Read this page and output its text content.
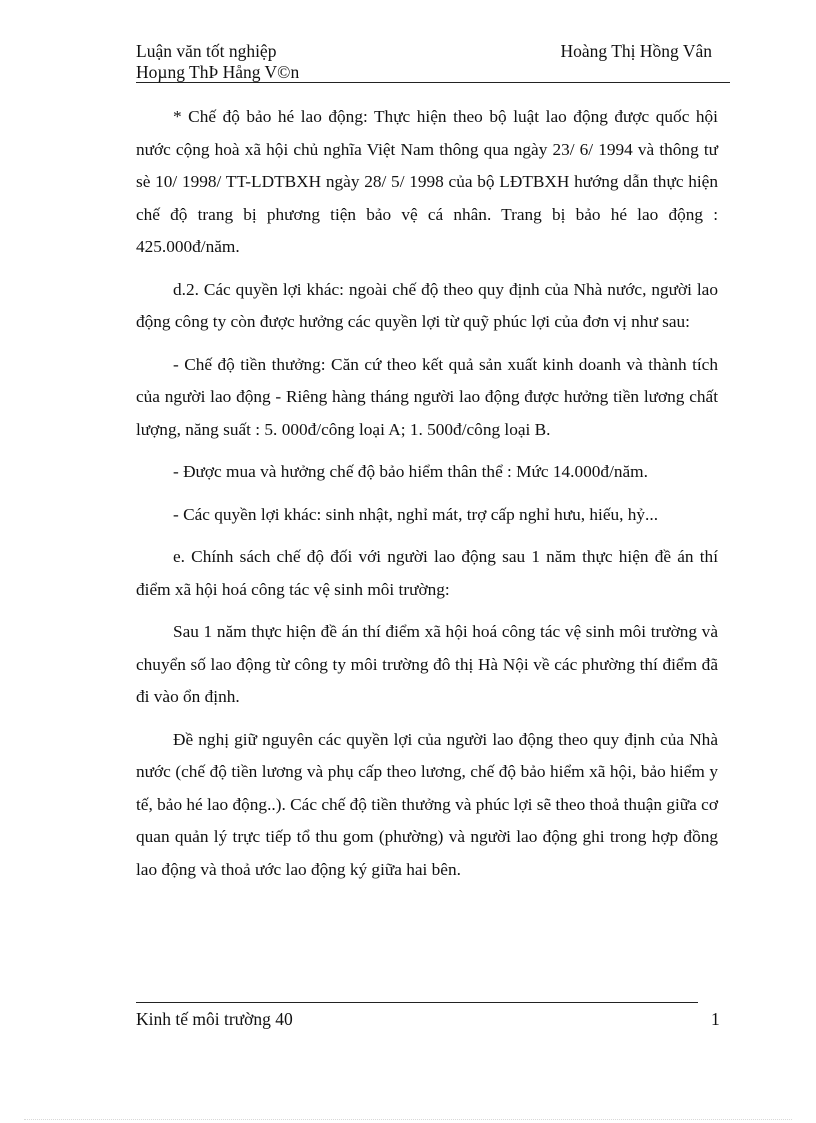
Luận văn tốt nghiệp	Hoàng Thị Hồng Vân
Hoµng ThÞ Hång V©n

* Chế độ bảo hé lao động: Thực hiện theo bộ luật lao động được quốc hội nước cộng hoà xã hội chủ nghĩa Việt Nam thông qua ngày 23/ 6/ 1994 và thông tư sè 10/ 1998/ TT-LDTBXH ngày 28/ 5/ 1998 của bộ LĐTBXH hướng dẫn thực hiện chế độ trang bị phương tiện bảo vệ cá nhân. Trang bị bảo hé lao động : 425.000đ/năm.

d.2. Các quyền lợi khác: ngoài chế độ theo quy định của Nhà nước, người lao động công ty còn được hưởng các quyền lợi từ quỹ phúc lợi của đơn vị như sau:

- Chế độ tiền thưởng: Căn cứ theo kết quả sản xuất kinh doanh và thành tích của người lao động - Riêng hàng tháng người lao động được hưởng tiền lương chất lượng, năng suất : 5. 000đ/công loại A; 1. 500đ/công loại B.

- Được mua và hưởng chế độ bảo hiểm thân thể : Mức 14.000đ/năm.

- Các quyền lợi khác: sinh nhật, nghỉ mát, trợ cấp nghỉ hưu, hiếu, hỷ...

e. Chính sách chế độ đối với người lao động sau 1 năm thực hiện đề án thí điểm xã hội hoá công tác vệ sinh môi trường:

Sau 1 năm thực hiện đề án thí điểm xã hội hoá công tác vệ sinh môi trường và chuyển số lao động từ công ty môi trường đô thị Hà Nội về các phường thí điểm đã đi vào ổn định.

Đề nghị giữ nguyên các quyền lợi của người lao động theo quy định của Nhà nước (chế độ tiền lương và phụ cấp theo lương, chế độ bảo hiểm xã hội, bảo hiểm y tế, bảo hé lao động..). Các chế độ tiền thưởng và phúc lợi sẽ theo thoả thuận giữa cơ quan quản lý trực tiếp tổ thu gom (phường) và người lao động ghi trong hợp đồng lao động và thoả ước lao động ký giữa hai bên.

Kinh tế môi trường 40	1
